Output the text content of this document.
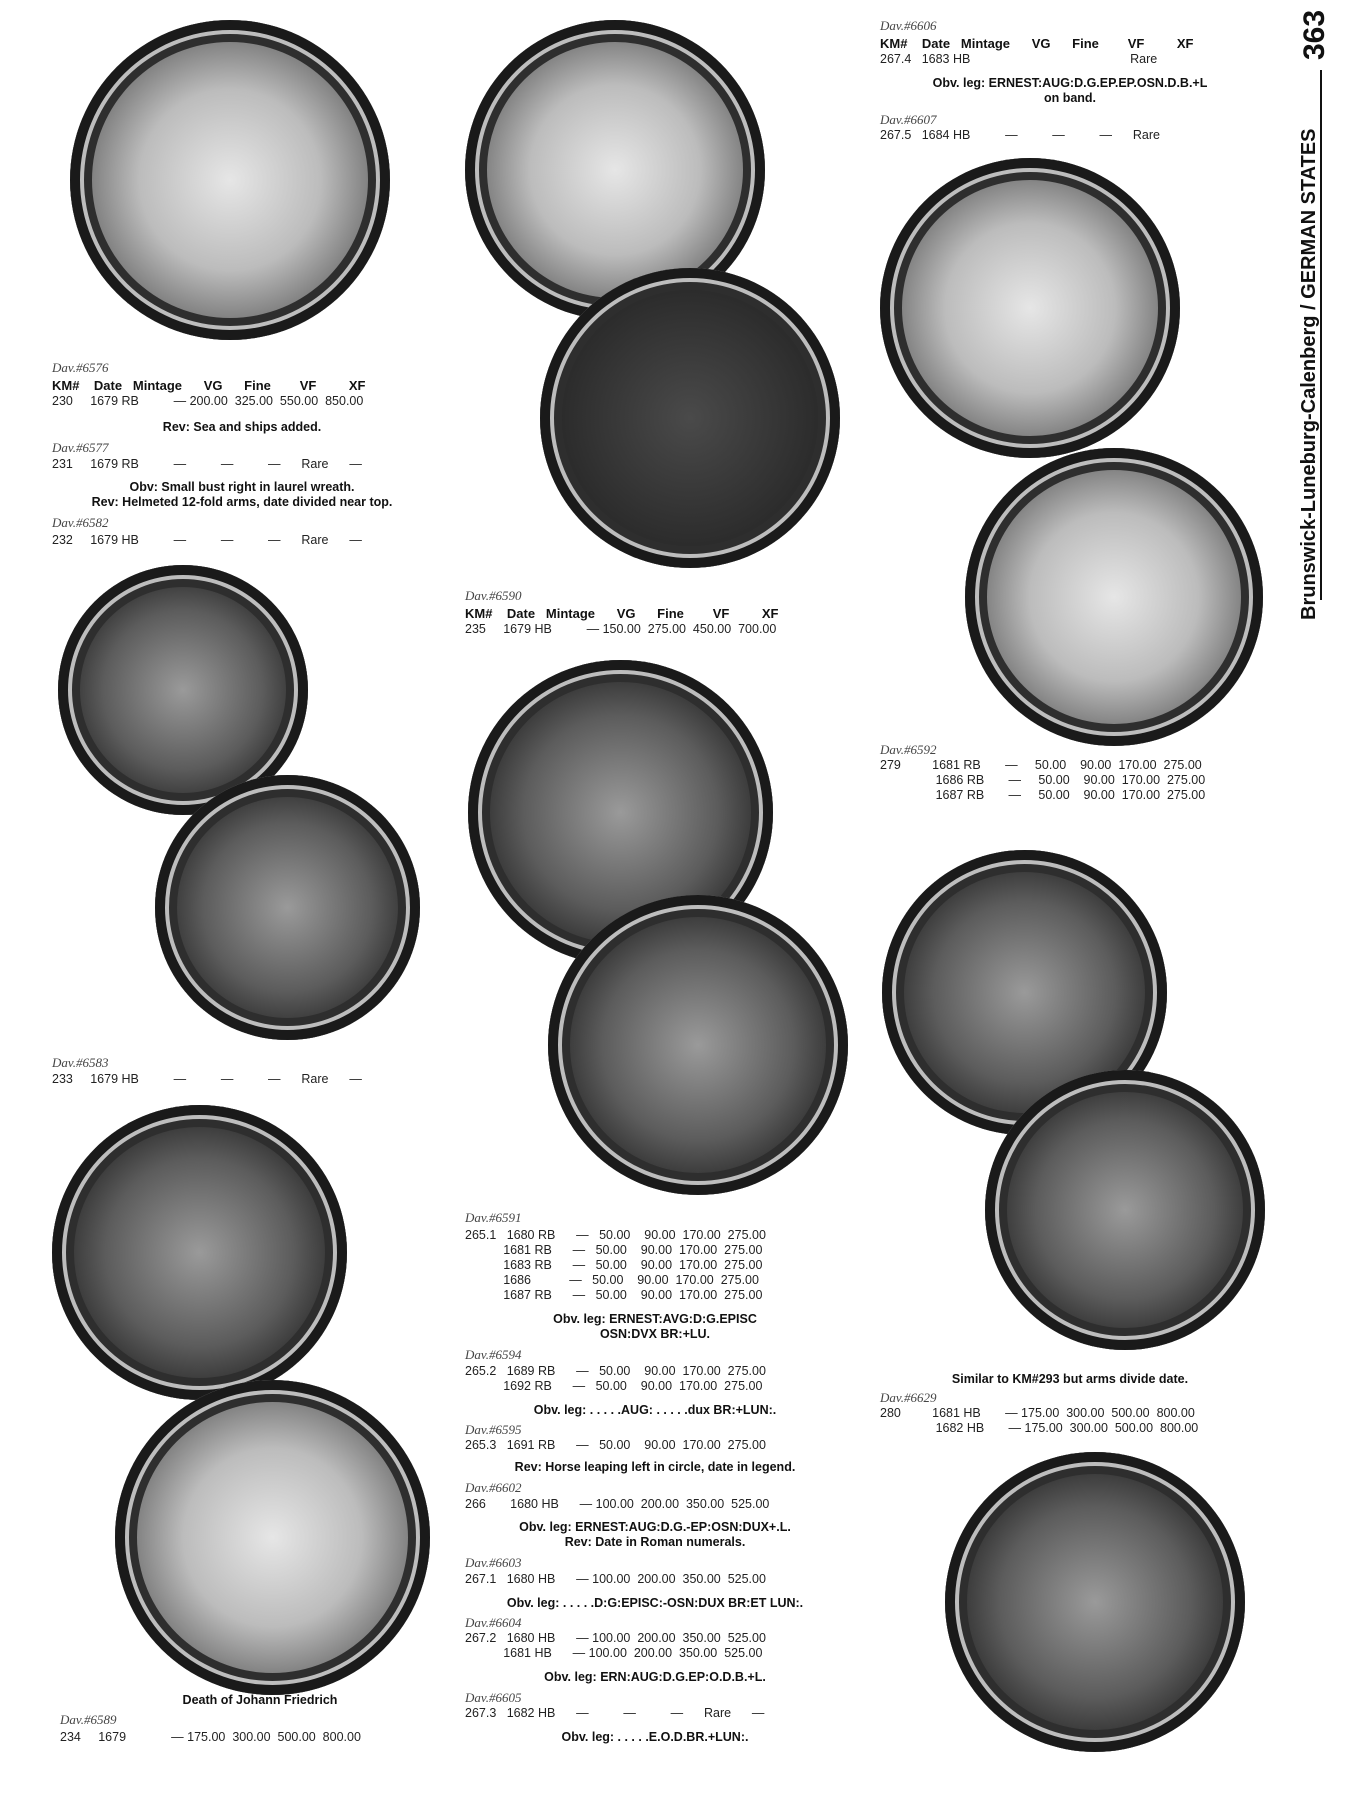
363
Brunswick-Luneburg-Calenberg / GERMAN STATES
Dav.#6576
KM#    Date   Mintage      VG      Fine        VF         XF
230     1679 RB          — 200.00  325.00  550.00  850.00
Rev: Sea and ships added.
Dav.#6577
231     1679 RB          —          —          —      Rare      —
Obv: Small bust right in laurel wreath.
Rev: Helmeted 12-fold arms, date divided near top.
Dav.#6582
232     1679 HB          —          —          —      Rare      —
Dav.#6583
233     1679 HB          —          —          —      Rare      —
Death of Johann Friedrich
Dav.#6589
234     1679             — 175.00  300.00  500.00  800.00
Dav.#6590
KM#    Date   Mintage      VG      Fine        VF         XF
235     1679 HB          — 150.00  275.00  450.00  700.00
Dav.#6591
265.1   1680 RB      —   50.00    90.00  170.00  275.00
1681 RB      —   50.00    90.00  170.00  275.00
1683 RB      —   50.00    90.00  170.00  275.00
1686           —   50.00    90.00  170.00  275.00
1687 RB      —   50.00    90.00  170.00  275.00
Obv. leg: ERNEST:AVG:D:G.EPISC
OSN:DVX BR:+LU.
Dav.#6594
265.2   1689 RB      —   50.00    90.00  170.00  275.00
1692 RB      —   50.00    90.00  170.00  275.00
Obv. leg: . . . . .AUG: . . . . .dux BR:+LUN:.
Dav.#6595
265.3   1691 RB      —   50.00    90.00  170.00  275.00
Rev: Horse leaping left in circle, date in legend.
Dav.#6602
266       1680 HB      — 100.00  200.00  350.00  525.00
Obv. leg: ERNEST:AUG:D.G.-EP:OSN:DUX+.L.
Rev: Date in Roman numerals.
Dav.#6603
267.1   1680 HB      — 100.00  200.00  350.00  525.00
Obv. leg: . . . . .D:G:EPISC:-OSN:DUX BR:ET LUN:.
Dav.#6604
267.2   1680 HB      — 100.00  200.00  350.00  525.00
1681 HB      — 100.00  200.00  350.00  525.00
Obv. leg: ERN:AUG:D.G.EP:O.D.B.+L.
Dav.#6605
267.3   1682 HB      —          —          —      Rare      —
Obv. leg: . . . . .E.O.D.BR.+LUN:.
Dav.#6606
KM#    Date   Mintage      VG      Fine        VF         XF
267.4   1683 HB                                              Rare
Obv. leg: ERNEST:AUG:D.G.EP.EP.OSN.D.B.+L
on band.
Dav.#6607
267.5   1684 HB          —          —          —      Rare
Dav.#6592
279         1681 RB       —     50.00    90.00  170.00  275.00
1686 RB       —     50.00    90.00  170.00  275.00
1687 RB       —     50.00    90.00  170.00  275.00
Similar to KM#293 but arms divide date.
Dav.#6629
280         1681 HB       — 175.00  300.00  500.00  800.00
1682 HB       — 175.00  300.00  500.00  800.00
